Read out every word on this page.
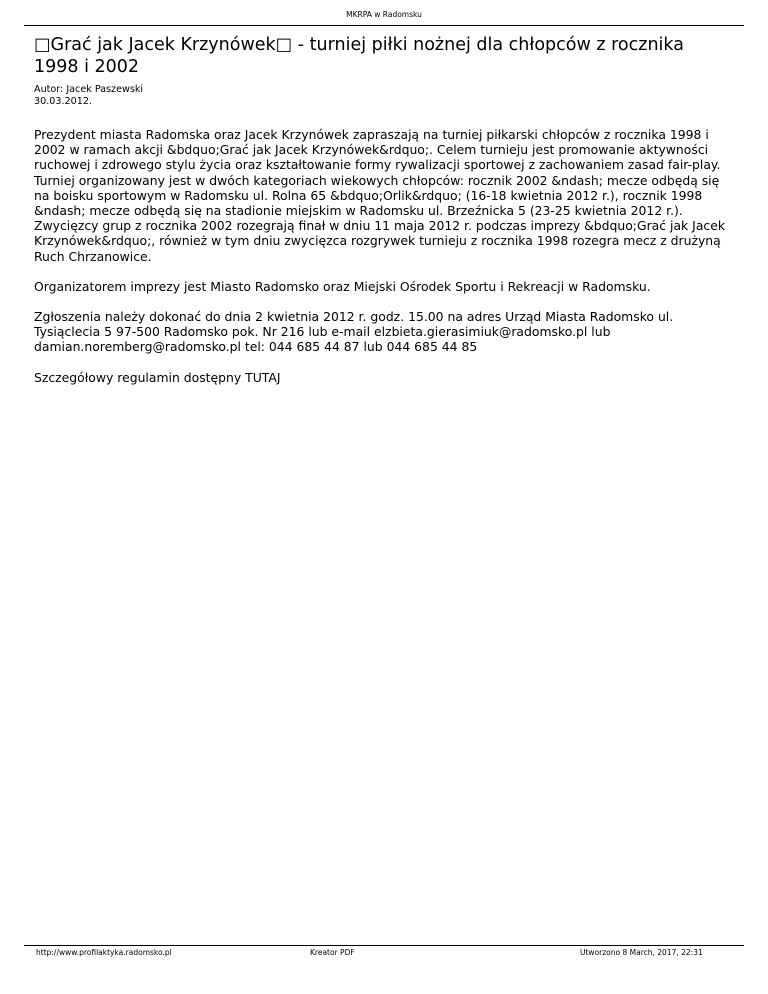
MKRPA w Radomsku
□Grać jak Jacek Krzynówek□ - turniej piłki nożnej dla chłopców z rocznika 1998 i 2002
Autor: Jacek Paszewski
30.03.2012.

Prezydent miasta Radomska oraz Jacek Krzynówek zapraszają na turniej piłkarski chłopców z rocznika 1998 i 2002 w ramach akcji &bdquo;Grać jak Jacek Krzynówek&rdquo;. Celem turnieju jest promowanie aktywności ruchowej i zdrowego stylu życia oraz kształtowanie formy rywalizacji sportowej z zachowaniem zasad fair-play.

Turniej organizowany jest w dwóch kategoriach wiekowych chłopców: rocznik 2002 &ndash; mecze odbędą się na boisku sportowym w Radomsku ul. Rolna 65 &bdquo;Orlik&rdquo; (16-18 kwietnia 2012 r.), rocznik 1998 &ndash; mecze odbędą się na stadionie miejskim w Radomsku ul. Brzeźnicka 5 (23-25 kwietnia 2012 r.).

Zwycięzcy grup z rocznika 2002 rozegrają finał w dniu 11 maja 2012 r. podczas imprezy &bdquo;Grać jak Jacek Krzynówek&rdquo;, również w tym dniu zwycięzca rozgrywek turnieju z rocznika 1998 rozegra mecz z drużyną Ruch Chrzanowice.

Organizatorem imprezy jest Miasto Radomsko oraz Miejski Ośrodek Sportu i Rekreacji w Radomsku.

Zgłoszenia należy dokonać do dnia 2 kwietnia 2012 r. godz. 15.00 na adres Urząd Miasta Radomsko ul. Tysiąclecia 5 97-500 Radomsko pok. Nr 216 lub e-mail elzbieta.gierasimiuk@radomsko.pl lub damian.noremberg@radomsko.pl tel: 044 685 44 87 lub 044 685 44 85

Szczegółowy regulamin dostępny TUTAJ

http://www.profilaktyka.radomsko.pl	Kreator PDF	Utworzono 8 March, 2017, 22:31
